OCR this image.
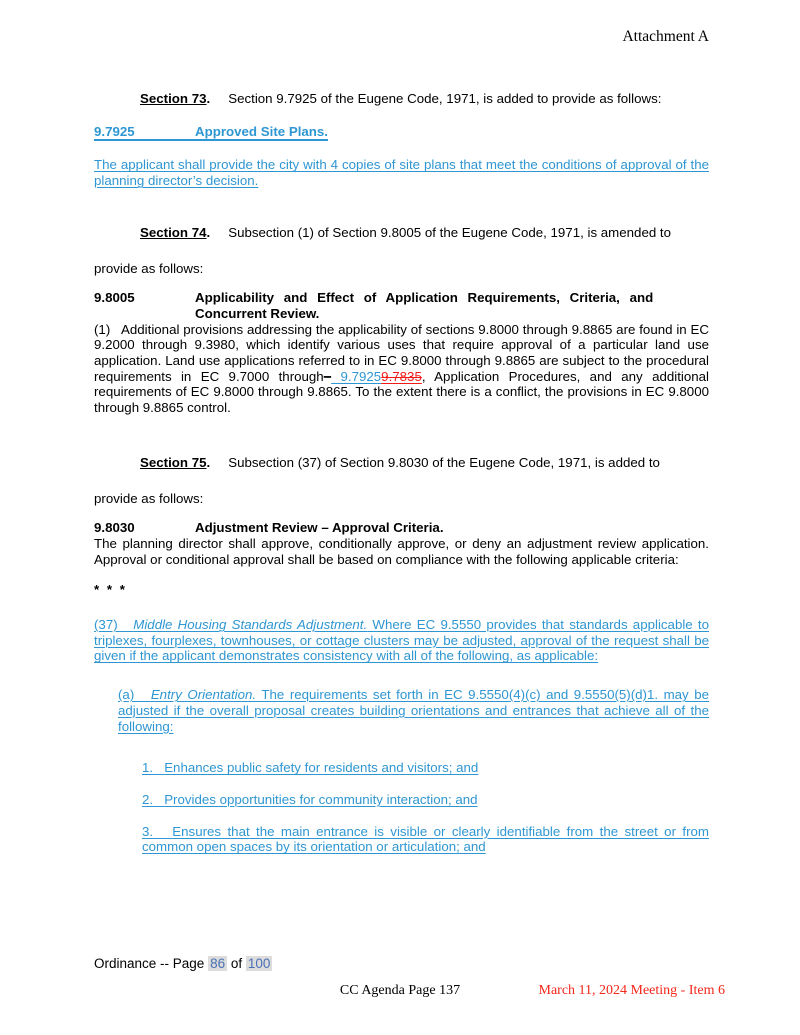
Attachment A

Section 73. Section 9.7925 of the Eugene Code, 1971, is added to provide as follows:

9.7925	Approved Site Plans.

The applicant shall provide the city with 4 copies of site plans that meet the conditions of approval of the planning director’s decision.

Section 74. Subsection (1) of Section 9.8005 of the Eugene Code, 1971, is amended to

provide as follows:

9.8005	Applicability and Effect of Application Requirements, Criteria, and
Concurrent Review.

(1)   Additional provisions addressing the applicability of sections 9.8000 through 9.8865 are found in EC 9.2000 through 9.3980, which identify various uses that require approval of a particular land use application. Land use applications referred to in EC 9.8000 through 9.8865 are subject to the procedural requirements in EC 9.7000 through– 9.79259.7835, Application Procedures, and any additional requirements of EC 9.8000 through 9.8865. To the extent there is a conflict, the provisions in EC 9.8000 through 9.8865 control.

Section 75. Subsection (37) of Section 9.8030 of the Eugene Code, 1971, is added to

provide as follows:

9.8030	Adjustment Review – Approval Criteria.

The planning director shall approve, conditionally approve, or deny an adjustment review application. Approval or conditional approval shall be based on compliance with the following applicable criteria:

* * *

(37)   Middle Housing Standards Adjustment. Where EC 9.5550 provides that standards applicable to triplexes, fourplexes, townhouses, or cottage clusters may be adjusted, approval of the request shall be given if the applicant demonstrates consistency with all of the following, as applicable:

(a)   Entry Orientation. The requirements set forth in EC 9.5550(4)(c) and 9.5550(5)(d)1. may be adjusted if the overall proposal creates building orientations and entrances that achieve all of the following:

1.   Enhances public safety for residents and visitors; and

2.   Provides opportunities for community interaction; and

3.   Ensures that the main entrance is visible or clearly identifiable from the street or from common open spaces by its orientation or articulation; and

Ordinance -- Page 86 of 100
CC Agenda Page 137	March 11, 2024 Meeting - Item 6
